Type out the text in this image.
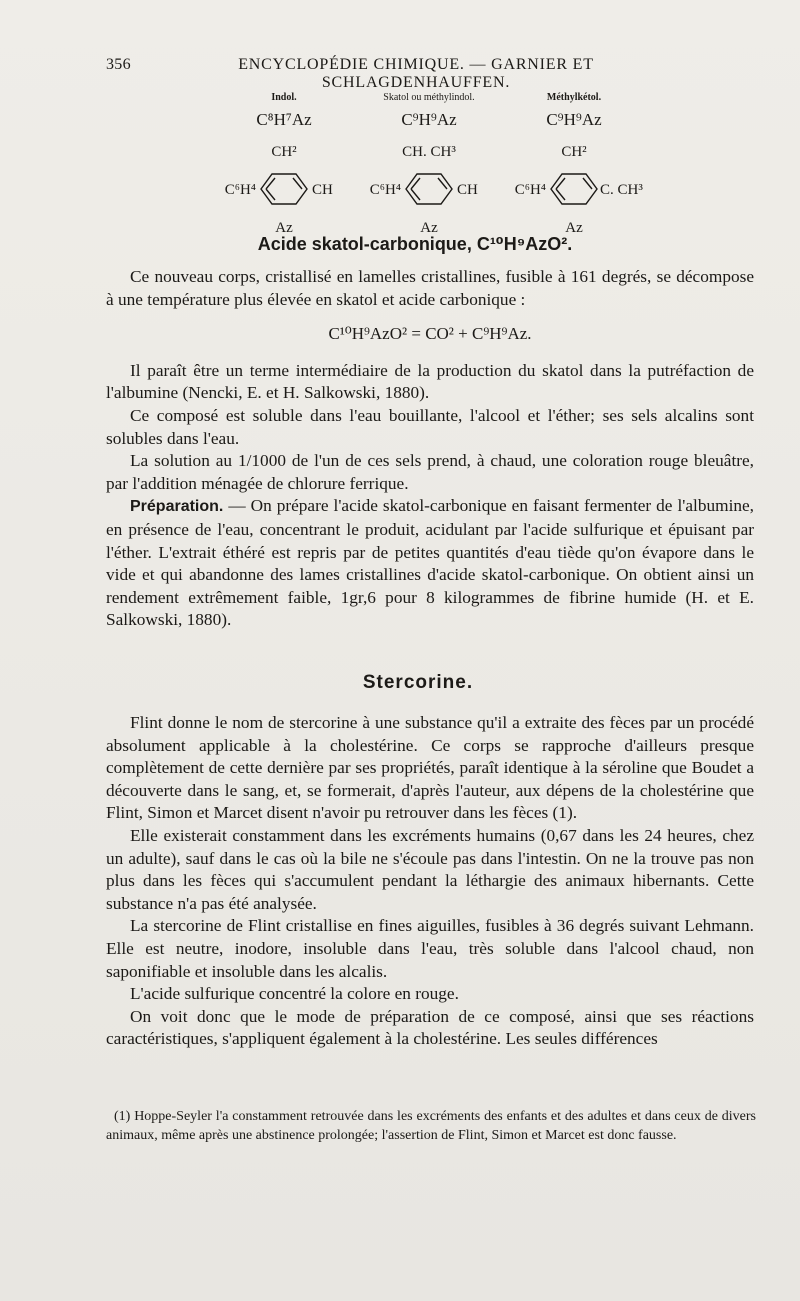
356	ENCYCLOPÉDIE CHIMIQUE. — GARNIER ET SCHLAGDENHAUFFEN.
Indol.
C⁸H⁷Az
CH²
C⁶H⁴	CH
Az
Skatol ou méthylindol.
C⁹H⁹Az
CH. CH³
C⁶H⁴	CH
Az
Méthylkétol.
C⁹H⁹Az
CH²
C⁶H⁴	C. CH³
Az
Acide skatol-carbonique, C¹⁰H⁹AzO².

Ce nouveau corps, cristallisé en lamelles cristallines, fusible à 161 degrés, se décompose à une température plus élevée en skatol et acide carbonique :

C¹⁰H⁹AzO² = CO² + C⁹H⁹Az.

Il paraît être un terme intermédiaire de la production du skatol dans la putréfaction de l'albumine (Nencki, E. et H. Salkowski, 1880).

Ce composé est soluble dans l'eau bouillante, l'alcool et l'éther; ses sels alcalins sont solubles dans l'eau.

La solution au 1/1000 de l'un de ces sels prend, à chaud, une coloration rouge bleuâtre, par l'addition ménagée de chlorure ferrique.

Préparation. — On prépare l'acide skatol-carbonique en faisant fermenter de l'albumine, en présence de l'eau, concentrant le produit, acidulant par l'acide sulfurique et épuisant par l'éther. L'extrait éthéré est repris par de petites quantités d'eau tiède qu'on évapore dans le vide et qui abandonne des lames cristallines d'acide skatol-carbonique. On obtient ainsi un rendement extrêmement faible, 1gr,6 pour 8 kilogrammes de fibrine humide (H. et E. Salkowski, 1880).

Stercorine.

Flint donne le nom de stercorine à une substance qu'il a extraite des fèces par un procédé absolument applicable à la cholestérine. Ce corps se rapproche d'ailleurs presque complètement de cette dernière par ses propriétés, paraît identique à la séroline que Boudet a découverte dans le sang, et, se formerait, d'après l'auteur, aux dépens de la cholestérine que Flint, Simon et Marcet disent n'avoir pu retrouver dans les fèces (1).

Elle existerait constamment dans les excréments humains (0,67 dans les 24 heures, chez un adulte), sauf dans le cas où la bile ne s'écoule pas dans l'intestin. On ne la trouve pas non plus dans les fèces qui s'accumulent pendant la léthargie des animaux hibernants. Cette substance n'a pas été analysée.

La stercorine de Flint cristallise en fines aiguilles, fusibles à 36 degrés suivant Lehmann. Elle est neutre, inodore, insoluble dans l'eau, très soluble dans l'alcool chaud, non saponifiable et insoluble dans les alcalis.

L'acide sulfurique concentré la colore en rouge.

On voit donc que le mode de préparation de ce composé, ainsi que ses réactions caractéristiques, s'appliquent également à la cholestérine. Les seules différences

(1) Hoppe-Seyler l'a constamment retrouvée dans les excréments des enfants et des adultes et dans ceux de divers animaux, même après une abstinence prolongée; l'assertion de Flint, Simon et Marcet est donc fausse.
